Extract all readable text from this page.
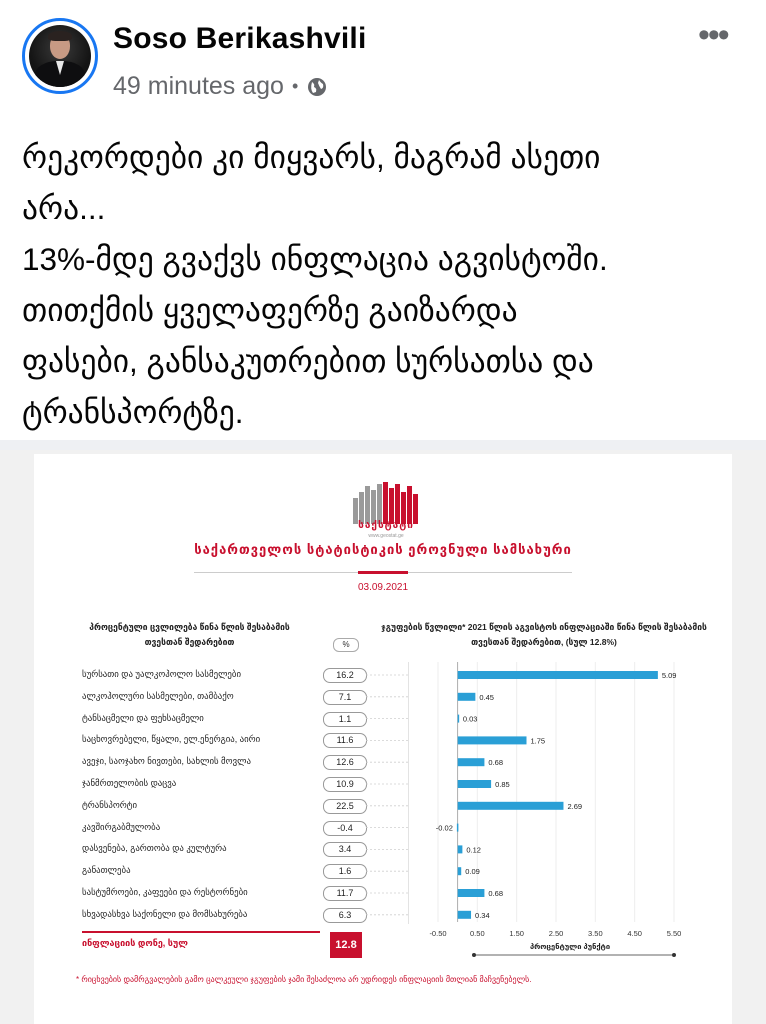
Soso Berikashvili
49 minutes ago •
•••

რეკორდები კი მიყვარს, მაგრამ ასეთი

არა...

13%-მდე გვაქვს ინფლაცია აგვისტოში.

თითქმის ყველაფერზე გაიზარდა

ფასები, განსაკუთრებით სურსათსა და

ტრანსპორტზე.

საქსტატი
www.geostat.ge
საქართველოს სტატისტიკის ეროვნული სამსახური
03.09.2021
პროცენტული ცვლილება წინა წლის შესაბამის თვესთან შედარებით	%
ჯგუფების წვლილი* 2021 წლის აგვისტოს ინფლაციაში წინა წლის შესაბამის თვესთან შედარებით, (სულ 12.8%)
სურსათი და უალკოჰოლო სასმელები	16.2
ალკოჰოლური სასმელები, თამბაქო	7.1
ტანსაცმელი და ფეხსაცმელი	1.1
საცხოვრებელი, წყალი, ელ.ენერგია, აირი	11.6
ავეჯი, საოჯახო ნივთები, სახლის მოვლა	12.6
ჯანმრთელობის დაცვა	10.9
ტრანსპორტი	22.5
კავშირგაბმულობა	-0.4
დასვენება, გართობა და კულტურა	3.4
განათლება	1.6
სასტუმროები, კაფეები და რესტორნები	11.7
სხვადასხვა საქონელი და მომსახურება	6.3
-0.50	0.50	1.50	2.50	3.50	4.50	5.50
5.09
0.45
0.03
1.75
0.68
0.85
2.69
-0.02
0.12
0.09
0.68
0.34
ინფლაციის დონე, სულ	12.8	პროცენტული პუნქტი
* რიცხვების დამრგვალების გამო ცალკეული ჯგუფების ჯამი შესაძლოა არ უდრიდეს ინფლაციის მთლიან მაჩვენებელს.
